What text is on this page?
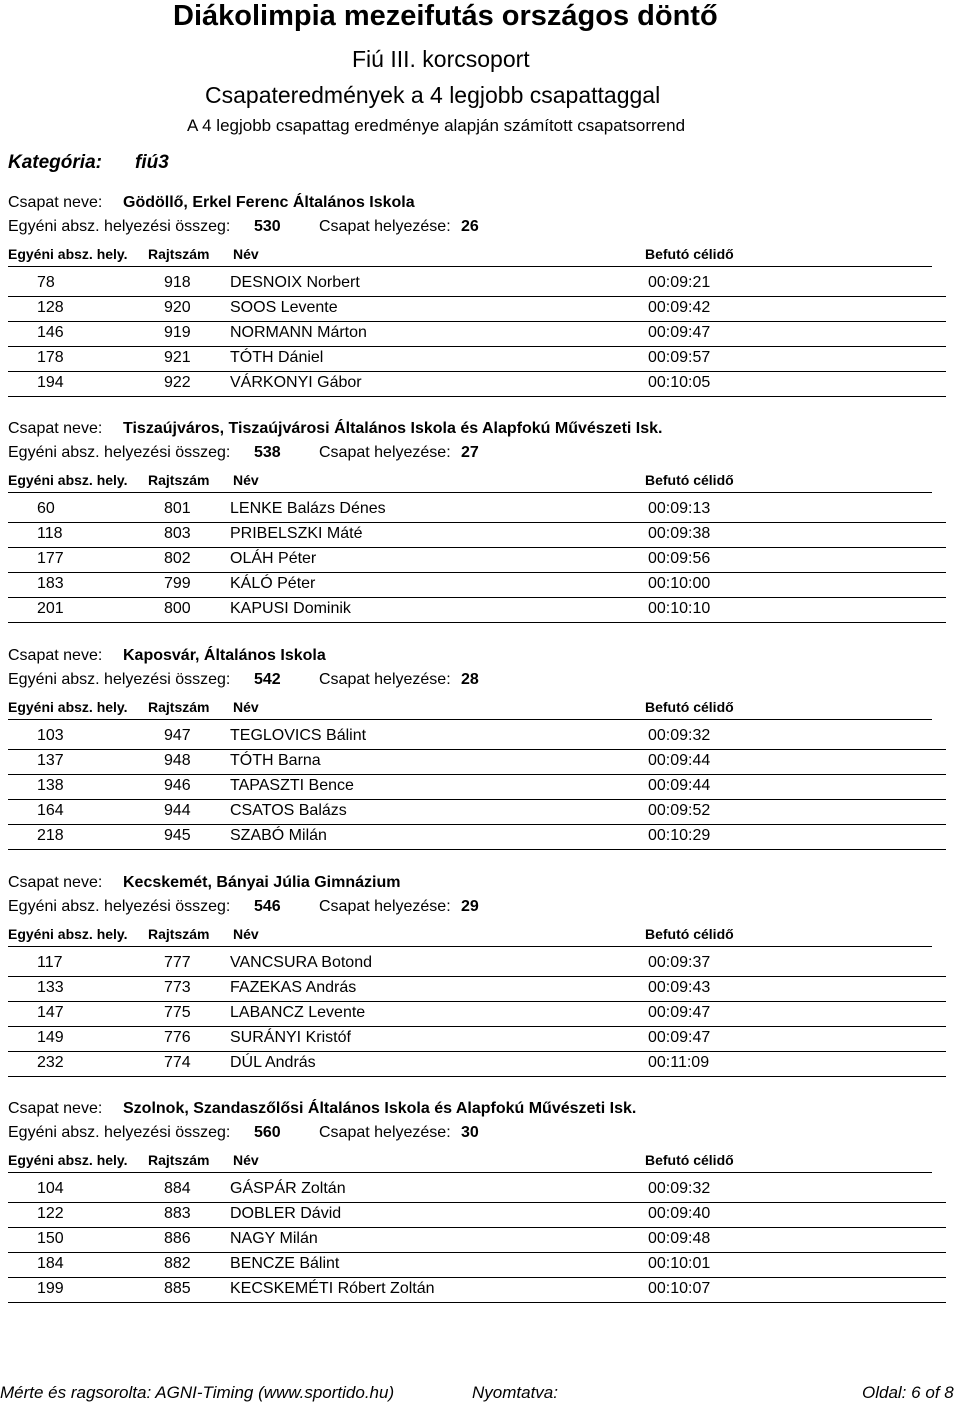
Diákolimpia mezeifutás országos döntő
Fiú III. korcsoport
Csapateredmények a 4 legjobb csapattaggal
A 4 legjobb csapattag eredménye alapján számított csapatsorrend
Kategória: fiú3
Csapat neve: Gödöllő, Erkel Ferenc Általános Iskola
Egyéni absz. helyezési összeg: 530 Csapat helyezése: 26
Egyéni absz. hely. Rajtszám Név	Befutó célidő
78	918 DESNOIX Norbert	00:09:21
128	920 SOOS Levente	00:09:42
146	919 NORMANN Márton	00:09:47
178	921 TÓTH Dániel	00:09:57
194	922 VÁRKONYI Gábor	00:10:05
Csapat neve: Tiszaújváros, Tiszaújvárosi Általános Iskola és Alapfokú Művészeti Isk.
Egyéni absz. helyezési összeg: 538 Csapat helyezése: 27
Egyéni absz. hely. Rajtszám Név	Befutó célidő
60	801 LENKE Balázs Dénes	00:09:13
118	803 PRIBELSZKI Máté	00:09:38
177	802 OLÁH Péter	00:09:56
183	799 KÁLÓ Péter	00:10:00
201	800 KAPUSI Dominik	00:10:10
Csapat neve: Kaposvár, Általános Iskola
Egyéni absz. helyezési összeg: 542 Csapat helyezése: 28
Egyéni absz. hely. Rajtszám Név	Befutó célidő
103	947 TEGLOVICS Bálint	00:09:32
137	948 TÓTH Barna	00:09:44
138	946 TAPASZTI Bence	00:09:44
164	944 CSATOS Balázs	00:09:52
218	945 SZABÓ Milán	00:10:29
Csapat neve: Kecskemét, Bányai Júlia Gimnázium
Egyéni absz. helyezési összeg: 546 Csapat helyezése: 29
Egyéni absz. hely. Rajtszám Név	Befutó célidő
117	777 VANCSURA Botond	00:09:37
133	773 FAZEKAS András	00:09:43
147	775 LABANCZ Levente	00:09:47
149	776 SURÁNYI Kristóf	00:09:47
232	774 DÚL András	00:11:09
Csapat neve: Szolnok, Szandaszőlősi Általános Iskola és Alapfokú Művészeti Isk.
Egyéni absz. helyezési összeg: 560 Csapat helyezése: 30
Egyéni absz. hely. Rajtszám Név	Befutó célidő
104	884 GÁSPÁR Zoltán	00:09:32
122	883 DOBLER Dávid	00:09:40
150	886 NAGY Milán	00:09:48
184	882 BENCZE Bálint	00:10:01
199	885 KECSKEMÉTI Róbert Zoltán	00:10:07
Mérte és ragsorolta: AGNI-Timing (www.sportido.hu)	Nyomtatva:	Oldal: 6 of 8
